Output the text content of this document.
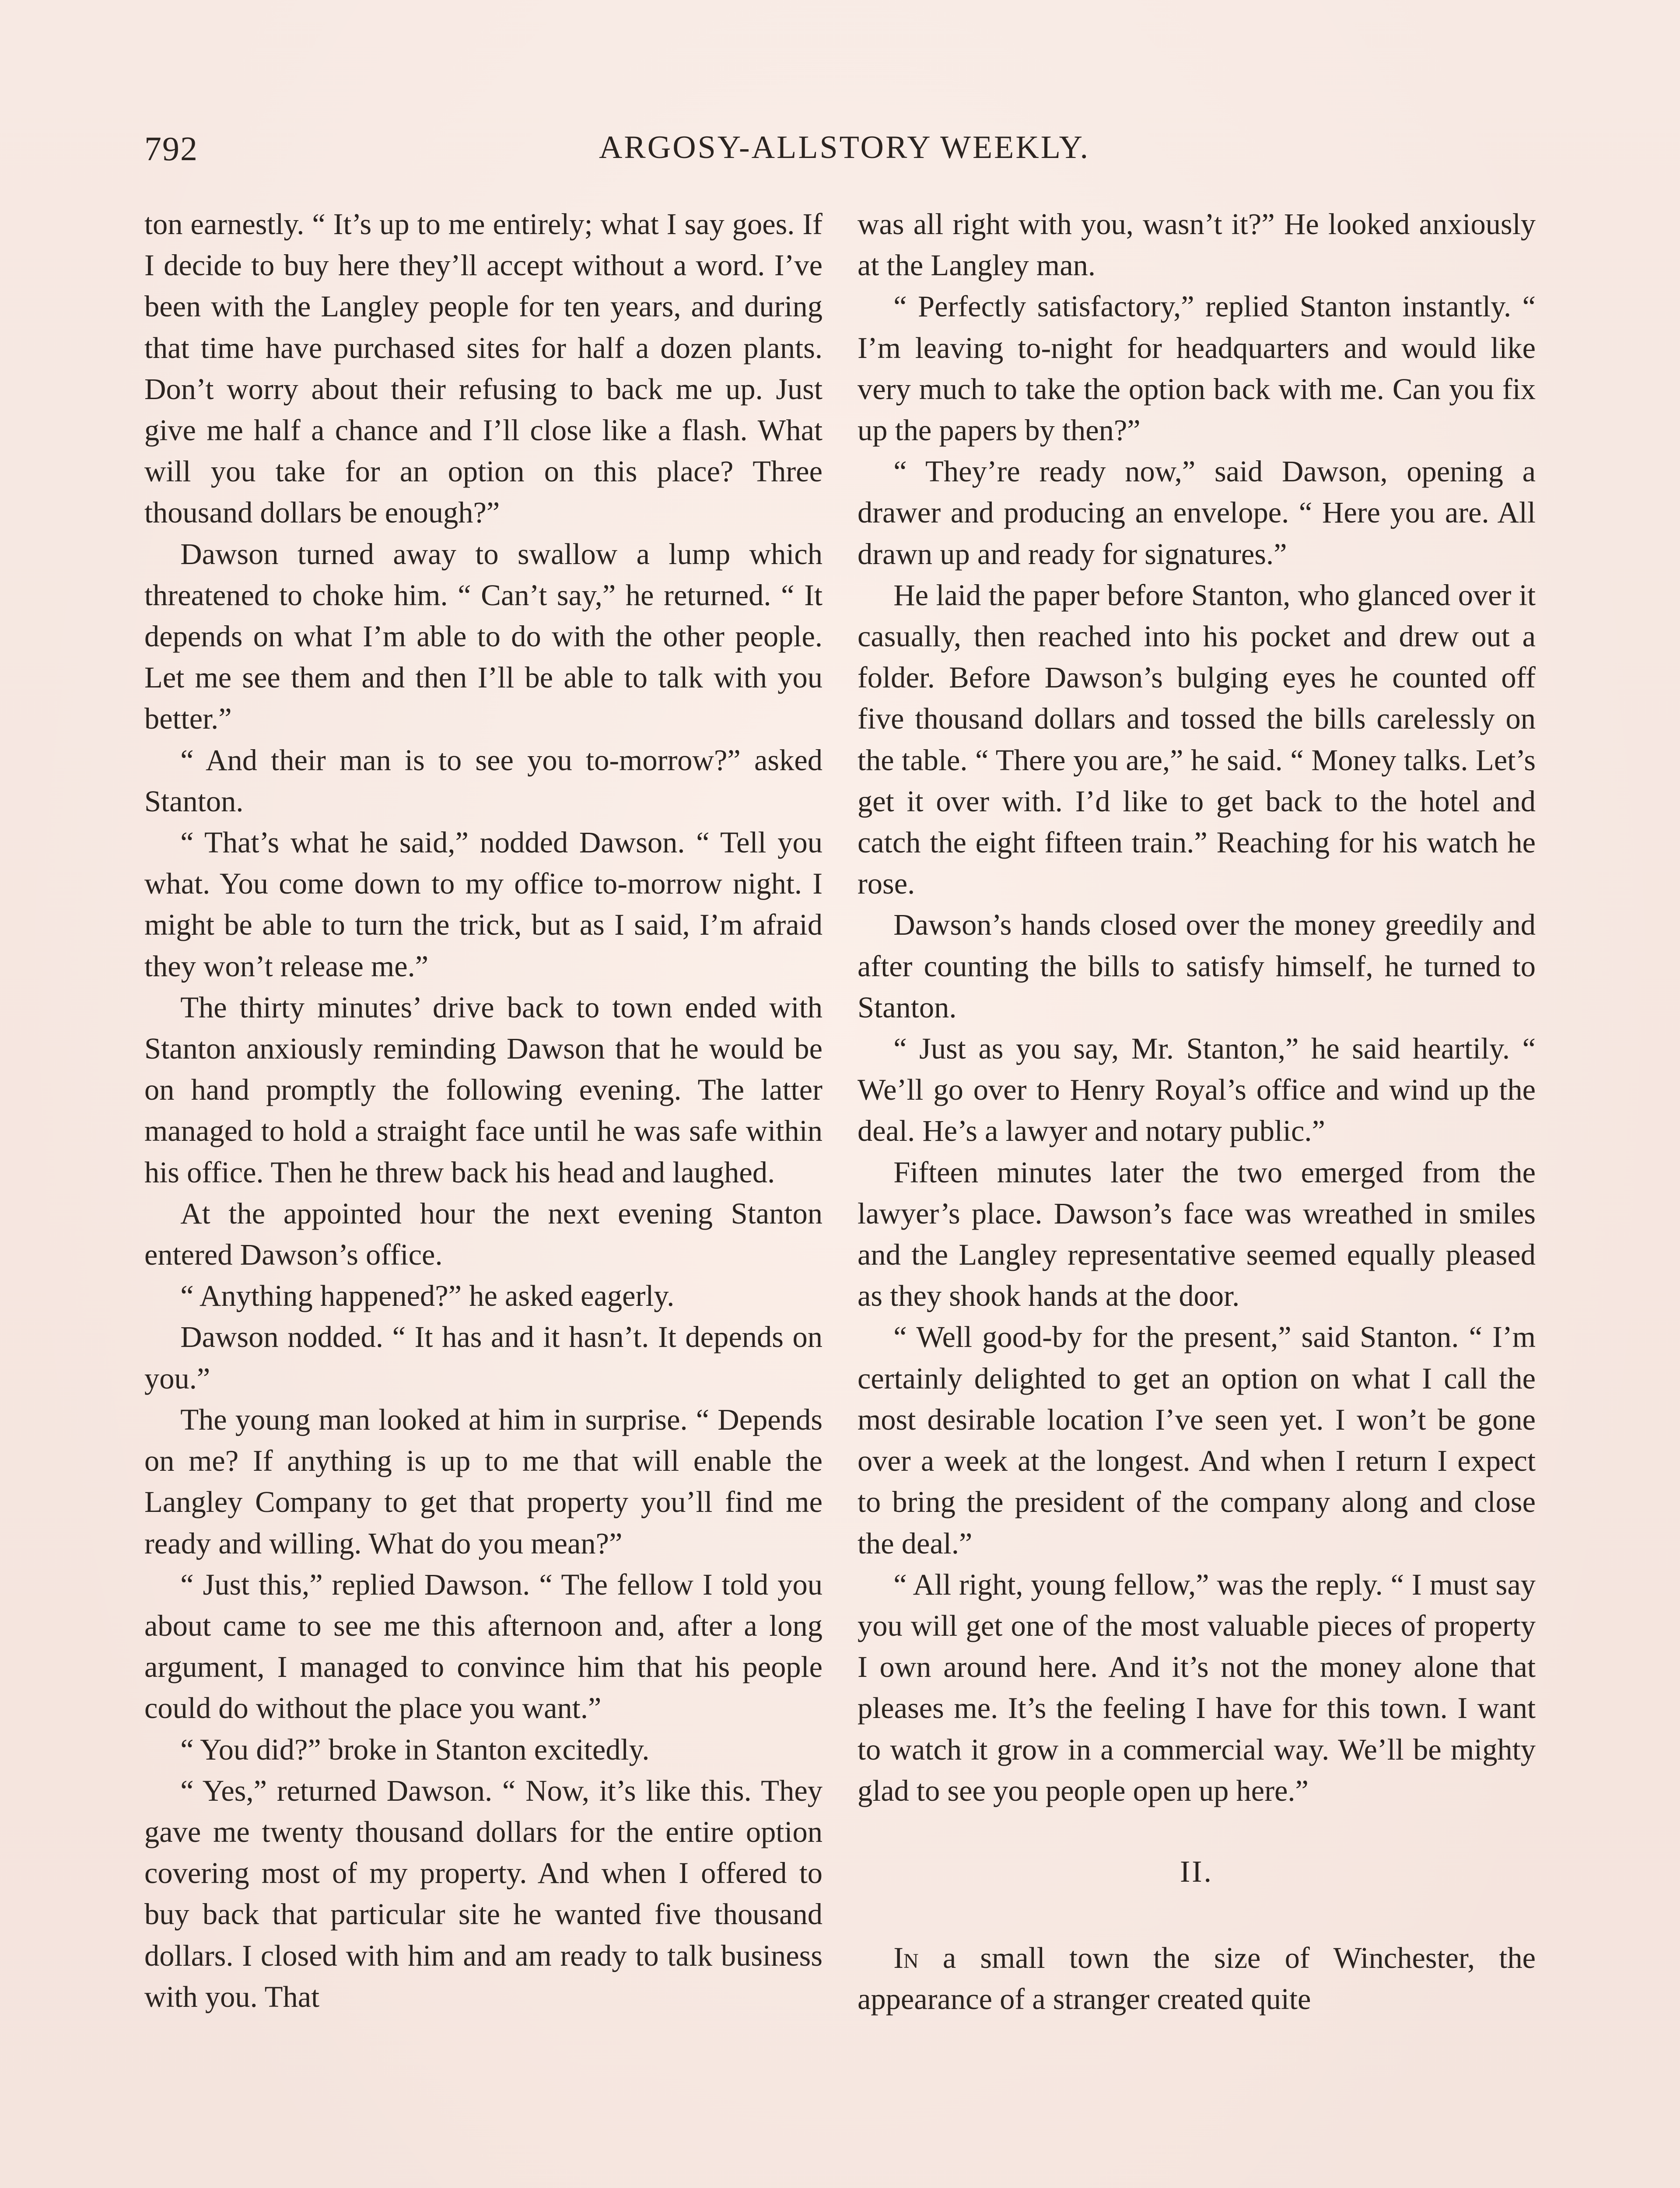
792	ARGOSY-ALLSTORY WEEKLY.

ton earnestly. “ It’s up to me entirely; what I say goes. If I decide to buy here they’ll accept without a word. I’ve been with the Langley people for ten years, and during that time have purchased sites for half a dozen plants. Don’t worry about their refusing to back me up. Just give me half a chance and I’ll close like a flash. What will you take for an option on this place? Three thousand dollars be enough?”

Dawson turned away to swallow a lump which threatened to choke him. “ Can’t say,” he returned. “ It depends on what I’m able to do with the other people. Let me see them and then I’ll be able to talk with you better.”

“ And their man is to see you to-morrow?” asked Stanton.

“ That’s what he said,” nodded Dawson. “ Tell you what. You come down to my office to-morrow night. I might be able to turn the trick, but as I said, I’m afraid they won’t release me.”

The thirty minutes’ drive back to town ended with Stanton anxiously reminding Dawson that he would be on hand promptly the following evening. The latter managed to hold a straight face until he was safe within his office. Then he threw back his head and laughed.

At the appointed hour the next evening Stanton entered Dawson’s office.

“ Anything happened?” he asked eagerly.

Dawson nodded. “ It has and it hasn’t. It depends on you.”

The young man looked at him in surprise. “ Depends on me? If anything is up to me that will enable the Langley Company to get that property you’ll find me ready and willing. What do you mean?”

“ Just this,” replied Dawson. “ The fellow I told you about came to see me this afternoon and, after a long argument, I managed to convince him that his people could do without the place you want.”

“ You did?” broke in Stanton excitedly.

“ Yes,” returned Dawson. “ Now, it’s like this. They gave me twenty thousand dollars for the entire option covering most of my property. And when I offered to buy back that particular site he wanted five thousand dollars. I closed with him and am ready to talk business with you. That

was all right with you, wasn’t it?” He looked anxiously at the Langley man.

“ Perfectly satisfactory,” replied Stanton instantly. “ I’m leaving to-night for headquarters and would like very much to take the option back with me. Can you fix up the papers by then?”

“ They’re ready now,” said Dawson, opening a drawer and producing an envelope. “ Here you are. All drawn up and ready for signatures.”

He laid the paper before Stanton, who glanced over it casually, then reached into his pocket and drew out a folder. Before Dawson’s bulging eyes he counted off five thousand dollars and tossed the bills carelessly on the table. “ There you are,” he said. “ Money talks. Let’s get it over with. I’d like to get back to the hotel and catch the eight fifteen train.” Reaching for his watch he rose.

Dawson’s hands closed over the money greedily and after counting the bills to satisfy himself, he turned to Stanton.

“ Just as you say, Mr. Stanton,” he said heartily. “ We’ll go over to Henry Royal’s office and wind up the deal. He’s a lawyer and notary public.”

Fifteen minutes later the two emerged from the lawyer’s place. Dawson’s face was wreathed in smiles and the Langley representative seemed equally pleased as they shook hands at the door.

“ Well good-by for the present,” said Stanton. “ I’m certainly delighted to get an option on what I call the most desirable location I’ve seen yet. I won’t be gone over a week at the longest. And when I return I expect to bring the president of the company along and close the deal.”

“ All right, young fellow,” was the reply. “ I must say you will get one of the most valuable pieces of property I own around here. And it’s not the money alone that pleases me. It’s the feeling I have for this town. I want to watch it grow in a commercial way. We’ll be mighty glad to see you people open up here.”

II.

In a small town the size of Winchester, the appearance of a stranger created quite
